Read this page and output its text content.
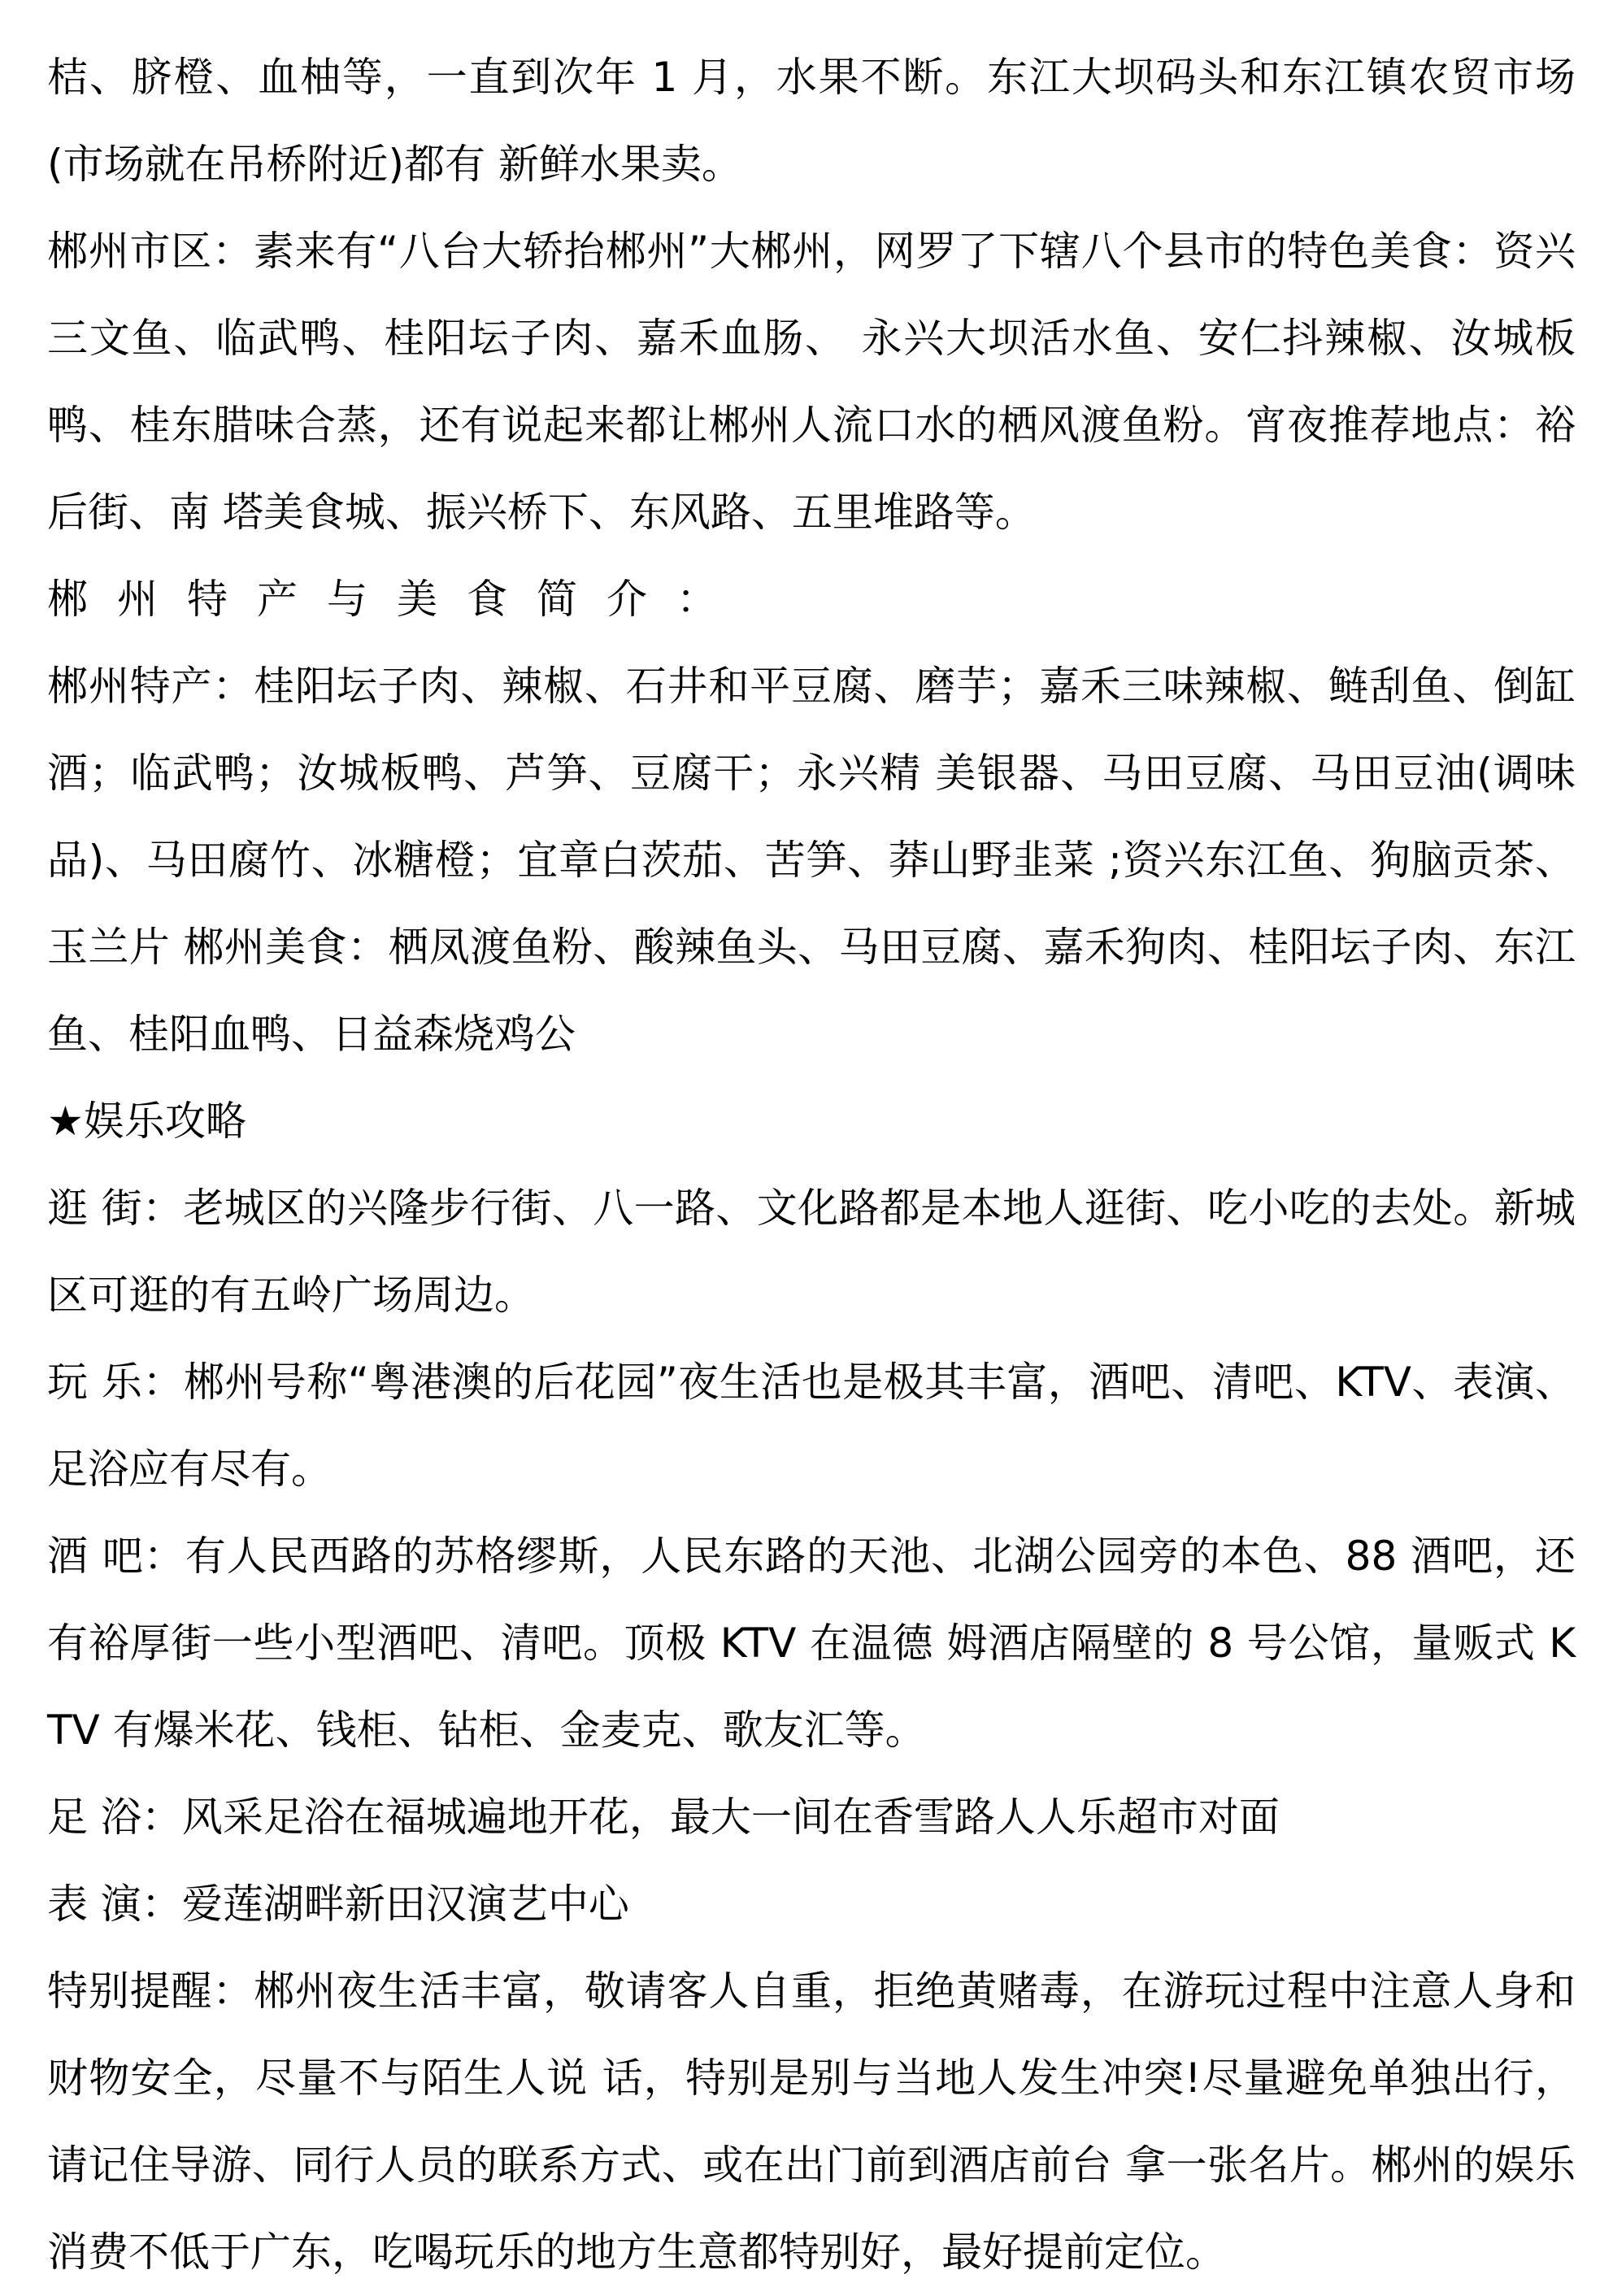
桔、脐橙、血柚等，一直到次年 1 月，水果不断。东江大坝码头和东江镇农贸市场(市场就在吊桥附近)都有 新鲜水果卖。

郴州市区：素来有“八台大轿抬郴州”大郴州，网罗了下辖八个县市的特色美食：资兴三文鱼、临武鸭、桂阳坛子肉、嘉禾血肠、 永兴大坝活水鱼、安仁抖辣椒、汝城板鸭、桂东腊味合蒸，还有说起来都让郴州人流口水的栖风渡鱼粉。宵夜推荐地点：裕后街、南 塔美食城、振兴桥下、东风路、五里堆路等。

郴州特产与美食简介：

郴州特产：桂阳坛子肉、辣椒、石井和平豆腐、磨芋；嘉禾三味辣椒、鲢刮鱼、倒缸酒；临武鸭；汝城板鸭、芦笋、豆腐干；永兴精 美银器、马田豆腐、马田豆油(调味品)、马田腐竹、冰糖橙；宜章白茨茄、苦笋、莽山野韭菜 ;资兴东江鱼、狗脑贡茶、玉兰片 郴州美食：栖凤渡鱼粉、酸辣鱼头、马田豆腐、嘉禾狗肉、桂阳坛子肉、东江鱼、桂阳血鸭、日益森烧鸡公

★娱乐攻略

逛 街：老城区的兴隆步行街、八一路、文化路都是本地人逛街、吃小吃的去处。新城区可逛的有五岭广场周边。

玩 乐：郴州号称“粤港澳的后花园”夜生活也是极其丰富，酒吧、清吧、KTV、表演、足浴应有尽有。

酒 吧：有人民西路的苏格缪斯，人民东路的天池、北湖公园旁的本色、88 酒吧，还有裕厚街一些小型酒吧、清吧。顶极 KTV 在温德 姆酒店隔壁的 8 号公馆，量贩式 KTV 有爆米花、钱柜、钻柜、金麦克、歌友汇等。

足 浴：风采足浴在福城遍地开花，最大一间在香雪路人人乐超市对面

表 演：爱莲湖畔新田汉演艺中心

特别提醒：郴州夜生活丰富，敬请客人自重，拒绝黄赌毒，在游玩过程中注意人身和财物安全，尽量不与陌生人说 话，特别是别与当地人发生冲突!尽量避免单独出行，请记住导游、同行人员的联系方式、或在出门前到酒店前台 拿一张名片。郴州的娱乐消费不低于广东，吃喝玩乐的地方生意都特别好，最好提前定位。
